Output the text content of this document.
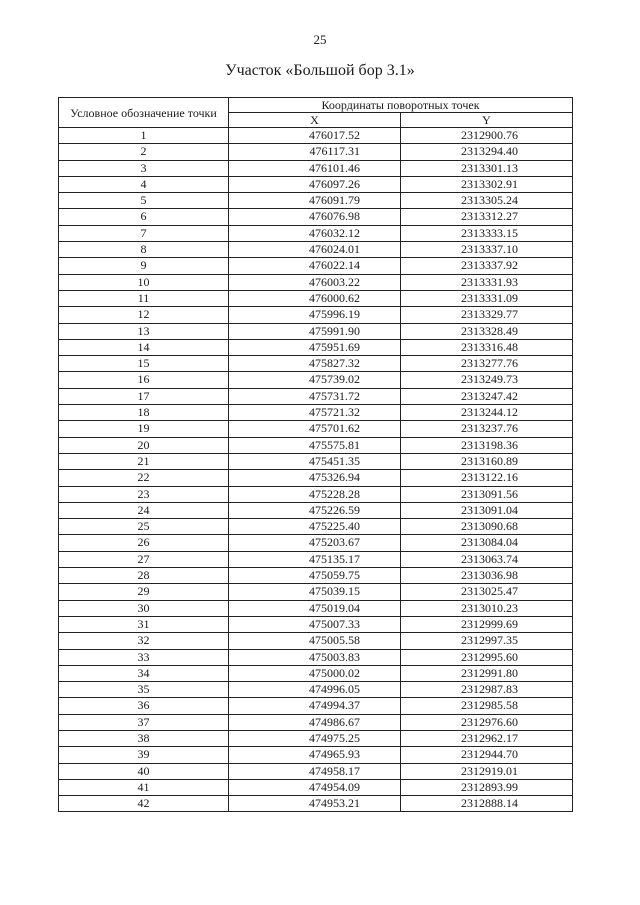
25
Участок «Большой бор 3.1»
Условное обозначение точки	Координаты поворотных точек	
	X	Y
1	476017.52	2312900.76
2	476117.31	2313294.40
3	476101.46	2313301.13
4	476097.26	2313302.91
5	476091.79	2313305.24
6	476076.98	2313312.27
7	476032.12	2313333.15
8	476024.01	2313337.10
9	476022.14	2313337.92
10	476003.22	2313331.93
11	476000.62	2313331.09
12	475996.19	2313329.77
13	475991.90	2313328.49
14	475951.69	2313316.48
15	475827.32	2313277.76
16	475739.02	2313249.73
17	475731.72	2313247.42
18	475721.32	2313244.12
19	475701.62	2313237.76
20	475575.81	2313198.36
21	475451.35	2313160.89
22	475326.94	2313122.16
23	475228.28	2313091.56
24	475226.59	2313091.04
25	475225.40	2313090.68
26	475203.67	2313084.04
27	475135.17	2313063.74
28	475059.75	2313036.98
29	475039.15	2313025.47
30	475019.04	2313010.23
31	475007.33	2312999.69
32	475005.58	2312997.35
33	475003.83	2312995.60
34	475000.02	2312991.80
35	474996.05	2312987.83
36	474994.37	2312985.58
37	474986.67	2312976.60
38	474975.25	2312962.17
39	474965.93	2312944.70
40	474958.17	2312919.01
41	474954.09	2312893.99
42	474953.21	2312888.14
